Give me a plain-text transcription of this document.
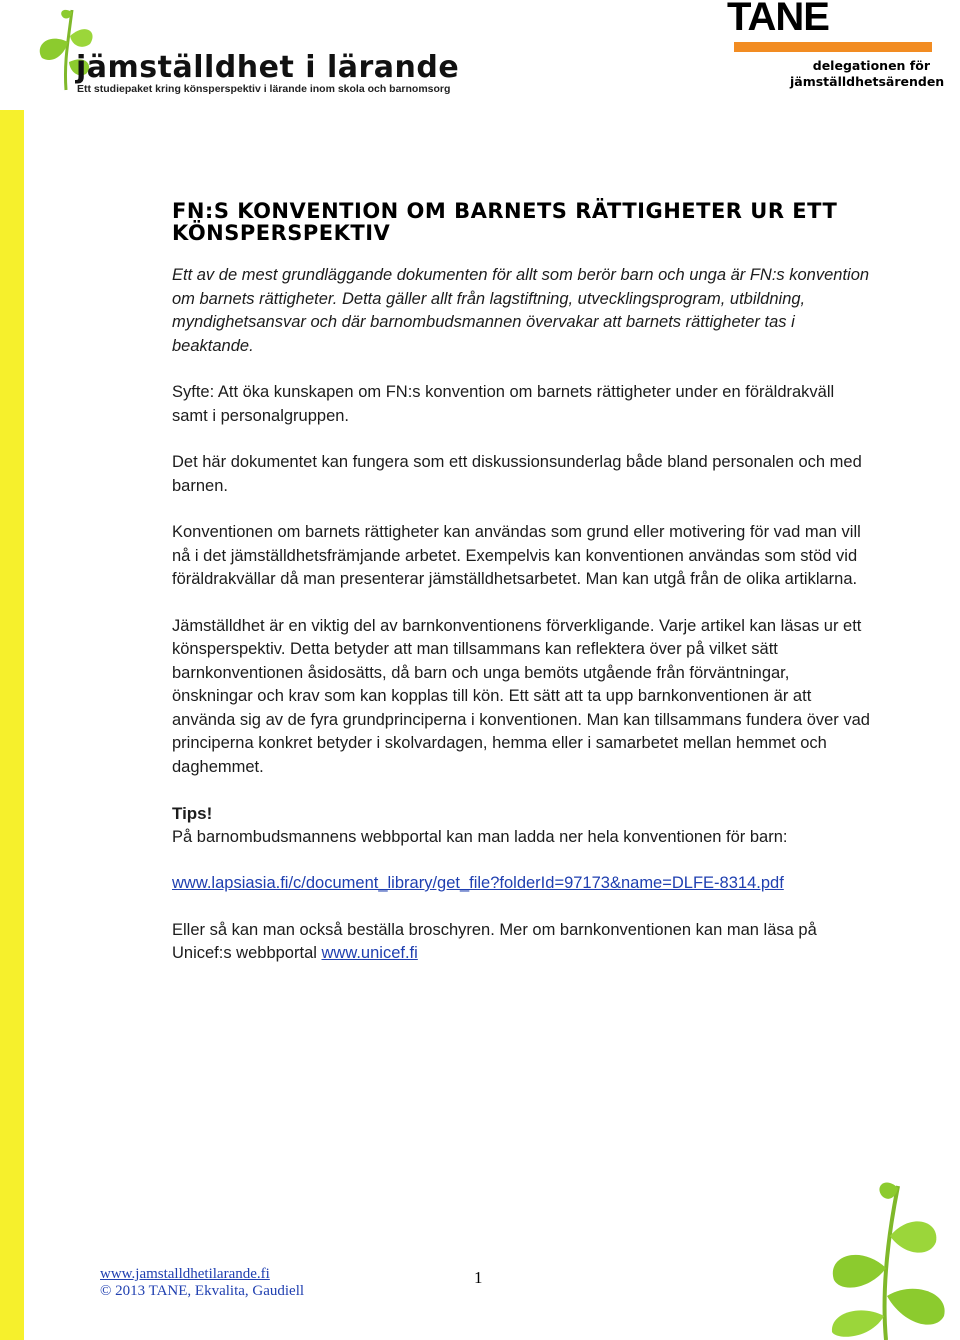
jämställdhet i lärande
Ett studiepaket kring könsperspektiv i lärande inom skola och barnomsorg
TANE
delegationen för
jämställdhetsärenden
FN:S KONVENTION OM BARNETS RÄTTIGHETER UR ETT KÖNSPERSPEKTIV

Ett av de mest grundläggande dokumenten för allt som berör barn och unga är FN:s konvention om barnets rättigheter. Detta gäller allt från lagstiftning, utvecklingsprogram, utbildning, myndighetsansvar och där barnombudsmannen övervakar att barnets rättigheter tas i beaktande.

Syfte: Att öka kunskapen om FN:s konvention om barnets rättigheter under en föräldrakväll samt i personalgruppen.

Det här dokumentet kan fungera som ett diskussionsunderlag både bland personalen och med barnen.

Konventionen om barnets rättigheter kan användas som grund eller motivering för vad man vill nå i det jämställdhetsfrämjande arbetet. Exempelvis kan konventionen användas som stöd vid föräldrakvällar då man presenterar jämställdhetsarbetet. Man kan utgå från de olika artiklarna.

Jämställdhet är en viktig del av barnkonventionens förverkligande. Varje artikel kan läsas ur ett könsperspektiv. Detta betyder att man tillsammans kan reflektera över på vilket sätt barnkonventionen åsidosätts, då barn och unga bemöts utgående från förväntningar, önskningar och krav som kan kopplas till kön. Ett sätt att ta upp barnkonventionen är att använda sig av de fyra grundprinciperna i konventionen. Man kan tillsammans fundera över vad principerna konkret betyder i skolvardagen, hemma eller i samarbetet mellan hemmet och daghemmet.

Tips!

På barnombudsmannens webbportal kan man ladda ner hela konventionen för barn:

www.lapsiasia.fi/c/document_library/get_file?folderId=97173&name=DLFE-8314.pdf

Eller så kan man också beställa broschyren. Mer om barnkonventionen kan man läsa på Unicef:s webbportal www.unicef.fi

www.jamstalldhetilarande.fi
© 2013 TANE, Ekvalita, Gaudiell
1
